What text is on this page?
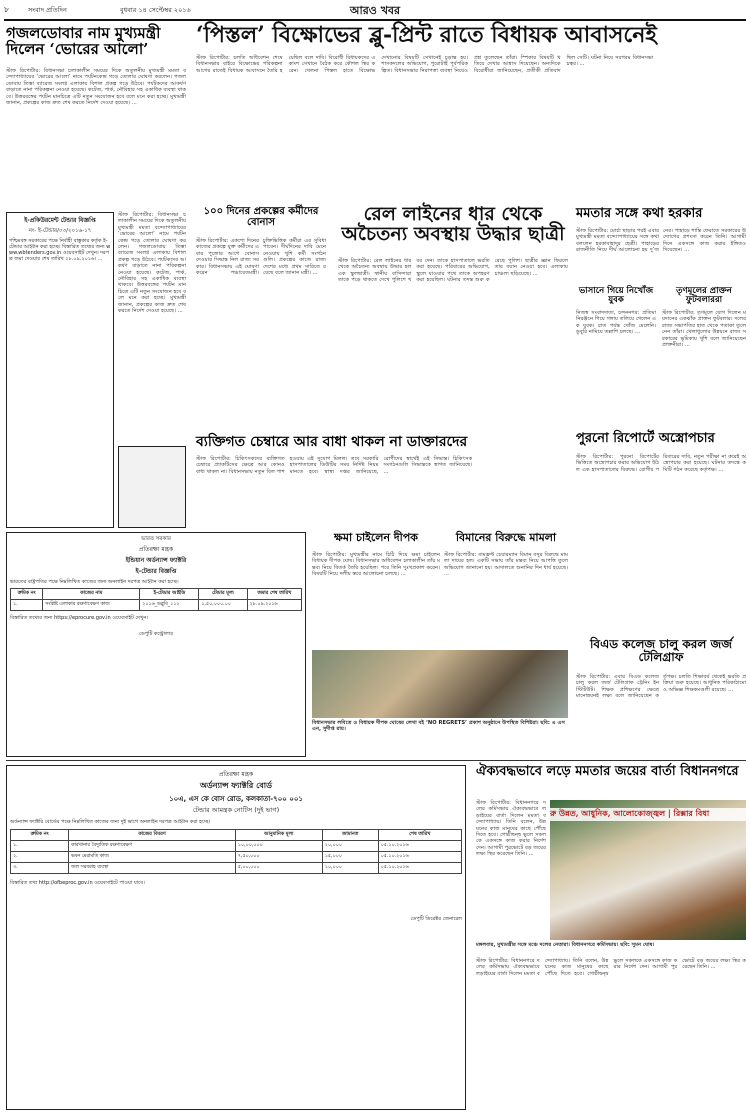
৮	সংবাদ প্রতিদিন	বুধবার ১৪ সেপ্টেম্বর ২০১৬	আরও খবর
গজলডোবার নাম মুখ্যমন্ত্রী দিলেন ‘ভোরের আলো’
স্টাফ রিপোর্টার: বিধানসভা চলাকালীন সময়ের দিকে অতুলনীয় মুখ্যমন্ত্রী মমতা বন্দ্যোপাধ্যায়ের ‘ভোরের আলো’ নামে পর্যটনকেন্দ্র গড়ে তোলার ঘোষণা করলেন। গজলডোবায় তিস্তা ব্যারেজ সংলগ্ন এলাকায় বিশাল প্রকল্প গড়ে উঠবে। পর্যটকদের আকর্ষণ বাড়াতে নানা পরিকল্পনা নেওয়া হয়েছে। কটেজ, পার্ক, নৌবিহার সহ একাধিক ব্যবস্থা থাকবে। উত্তরবঙ্গের পর্যটন মানচিত্রে এটি নতুন সংযোজন হবে বলে মনে করা হচ্ছে। মুখ্যমন্ত্রী জানান, প্রকল্পের কাজ দ্রুত শেষ করতে নির্দেশ দেওয়া হয়েছে। ...
ই-প্রকিউরমেন্ট টেন্ডার বিজ্ঞপ্তি
নং- ই-টেন্ডার/০৩/২০১৬-১৭
পশ্চিমবঙ্গ সরকারের পক্ষে নির্বাহী বাস্তুকার কর্তৃক ই-টেন্ডার আহ্বান করা হচ্ছে। বিস্তারিত তথ্যের জন্য www.wbtenders.gov.in ওয়েবসাইট দেখুন। দরপত্র জমা দেওয়ার শেষ তারিখ ২৮.০৯.২০১৬। ...
স্টাফ রিপোর্টার: বিধানসভা চলাকালীন সময়ের দিকে অতুলনীয় মুখ্যমন্ত্রী মমতা বন্দ্যোপাধ্যায়ের ‘ভোরের আলো’ নামে পর্যটনকেন্দ্র গড়ে তোলার ঘোষণা করলেন। গজলডোবায় তিস্তা ব্যারেজ সংলগ্ন এলাকায় বিশাল প্রকল্প গড়ে উঠবে। পর্যটকদের আকর্ষণ বাড়াতে নানা পরিকল্পনা নেওয়া হয়েছে। কটেজ, পার্ক, নৌবিহার সহ একাধিক ব্যবস্থা থাকবে। উত্তরবঙ্গের পর্যটন মানচিত্রে এটি নতুন সংযোজন হবে বলে মনে করা হচ্ছে। মুখ্যমন্ত্রী জানান, প্রকল্পের কাজ দ্রুত শেষ করতে নির্দেশ দেওয়া হয়েছে। ...
‘পিস্তল’ বিক্ষোভের ব্লু-প্রিন্ট রাতে বিধায়ক আবাসনেই
স্টাফ রিপোর্টার: চলতি অধিবেশন শেষে বিধানসভার বাইরে বিক্ষোভের পরিকল্পনা আগের রাতেই বিধায়ক আবাসনে তৈরি হয়েছিল বলে দাবি। বিরোধী বিধায়কদের একাংশ সেখানে বৈঠক করে কৌশল স্থির করেন। খেলনা পিস্তল হাতে বিক্ষোভ দেখানোর বিষয়টি সেখানেই চূড়ান্ত হয়। শাসকদলের অভিযোগ, পুরোটাই পূর্বপরিকল্পিত। বিধানসভার নিরাপত্তা ব্যবস্থা নিয়েও প্রশ্ন তুলেছেন তাঁরা। স্পিকার বিষয়টি খতিয়ে দেখার আশ্বাস দিয়েছেন। অন্যদিকে বিরোধীরা জানিয়েছেন, প্রতীকী প্রতিবাদ ছিল সেটি। ঘটনা নিয়ে সরগরম বিধানসভা চত্বর। ...
১০০ দিনের প্রকল্পের কর্মীদের বোনাস
স্টাফ রিপোর্টার: একশো দিনের কাজের প্রকল্পে যুক্ত কর্মীদের এবার পুজোর আগে বোনাস দেওয়ার সিদ্ধান্ত নিল রাজ্য সরকার। বিধানসভায় এই ঘোষণা করেন পঞ্চায়েতমন্ত্রী। চুক্তিভিত্তিক কর্মীরা এর সুবিধা পাবেন। দীর্ঘদিনের দাবি মেনে নেওয়ায় খুশি কর্মী সংগঠনগুলি। প্রকল্পের কাজে রাজ্য দেশের মধ্যে প্রথম সারিতে রয়েছে বলে জানান মন্ত্রী। ...
রেল লাইনের ধার থেকে অচৈতন্য অবস্থায় উদ্ধার ছাত্রী
স্টাফ রিপোর্টার: রেল লাইনের ধার থেকে অচৈতন্য অবস্থায় উদ্ধার হল এক স্কুলছাত্রী। স্থানীয় বাসিন্দারা তাকে পড়ে থাকতে দেখে পুলিশে খবর দেন। তাকে হাসপাতালে ভরতি করা হয়েছে। পরিবারের অভিযোগ, স্কুলে যাওয়ার পথে তাকে অপহরণ করা হয়েছিল। ঘটনার তদন্ত শুরু করেছে পুলিশ। ছাত্রীর জ্ঞান ফিরলে তার বয়ান নেওয়া হবে। এলাকায় চাঞ্চল্য ছড়িয়েছে। ...
মমতার সঙ্গে কথা হরকার
স্টাফ রিপোর্টার: মোর্চা ছাড়ার পরই এবার মুখ্যমন্ত্রী মমতা বন্দ্যোপাধ্যায়ের সঙ্গে কথা বললেন হরকাবাহাদুর ছেত্রী। পাহাড়ের রাজনীতি নিয়ে দীর্ঘ আলোচনা হয় দু’জনের। পাহাড়ে শান্তি ফেরাতে সরকারের উদ্যোগের প্রশংসা করেন তিনি। আগামী দিনে একসঙ্গে কাজ করার ইঙ্গিতও দিয়েছেন। ...
ভাসানে গিয়ে নিখোঁজ যুবক
নিজস্ব সংবাদদাতা, চন্দননগর: প্রতিমা নিরঞ্জনে গিয়ে গঙ্গায় তলিয়ে গেলেন এক যুবক। রাত পর্যন্ত খোঁজ মেলেনি। ডুবুরি নামিয়ে তল্লাশি চলছে। ...
তৃণমূলের প্রাক্তন ফুটবলাররা
স্টাফ রিপোর্টার: তৃণমূলে যোগ দিলেন ময়দানের একঝাঁক প্রাক্তন ফুটবলার। দলের রাজ্য সভাপতির হাত থেকে পতাকা তুলে নেন তাঁরা। খেলাধুলোর উন্নয়নে রাজ্য সরকারের ভূমিকায় খুশি বলে জানিয়েছেন প্রাক্তনীরা। ...
ব্যক্তিগত চেম্বারে আর বাধা থাকল না ডাক্তারদের
স্টাফ রিপোর্টার: চিকিৎসকদের ব্যক্তিগত চেম্বারে প্র্যাকটিসের ক্ষেত্রে আর কোনও বাধা থাকল না। বিধানসভায় নতুন বিল পাশ হওয়ায় এই সুযোগ মিলল। তবে সরকারি হাসপাতালের ডিউটির সময় নির্দিষ্ট নিয়ম মানতে হবে। স্বাস্থ্য দপ্তর জানিয়েছে, রোগীদের স্বার্থেই এই সিদ্ধান্ত। চিকিৎসক সংগঠনগুলি সিদ্ধান্তকে স্বাগত জানিয়েছে। ...
পুরনো রিপোর্টে অস্ত্রোপচার
স্টাফ রিপোর্টার: পুরনো রিপোর্টের ভিত্তিতে অস্ত্রোপচার করার অভিযোগ উঠল এক হাসপাতালের বিরুদ্ধে। রোগীর পরিবারের দাবি, নতুন পরীক্ষা না করেই অস্ত্রোপচার করা হয়েছে। ঘটনার তদন্তে কমিটি গঠন করেছে কর্তৃপক্ষ। ...
ভারত সরকার
প্রতিরক্ষা মন্ত্রক
ইন্ডিয়ান অর্ডন্যান্স ফ্যাক্টরি
ই-টেন্ডার বিজ্ঞপ্তি
ভারতের রাষ্ট্রপতির পক্ষে নিম্নলিখিত কাজের জন্য অনলাইন দরপত্র আহ্বান করা হচ্ছে।
ক্রমিক নং	কাজের নাম	ই-টেন্ডার আইডি	টেন্ডার মূল্য	জমার শেষ তারিখ
১.	সংশ্লিষ্ট এলাকার রক্ষণাবেক্ষণ কাজ	২০১৬_ডব্লুবি_১১২	১,৫০,০০০.০০	২৮.০৯.২০১৬
বিস্তারিত তথ্যের জন্য https://eprocure.gov.in ওয়েবসাইট দেখুন।
ডেপুটি কন্ট্রোলার
ক্ষমা চাইলেন দীপক
স্টাফ রিপোর্টার: মুখ্যমন্ত্রীর নামে চিঠি দিয়ে ক্ষমা চাইলেন বিধায়ক দীপক ঘোষ। বিধানসভার অধিবেশন চলাকালীন তাঁর মন্তব্য নিয়ে বিতর্ক তৈরি হয়েছিল। পরে তিনি দুঃখপ্রকাশ করেন। বিষয়টি নিয়ে দলীয় স্তরে আলোচনা চলছে। ...
বিমানের বিরুদ্ধে মামলা
স্টাফ রিপোর্টার: বামফ্রন্ট চেয়ারম্যান বিমান বসুর বিরুদ্ধে মামলা দায়ের হল। একটি সভায় তাঁর মন্তব্য নিয়ে আপত্তি তুলে অভিযোগ জানানো হয়। আদালতে শুনানির দিন ধার্য হয়েছে। ...
বিধানসভার লবিতে ও বিধায়ক দীপক ঘোষের লেখা বই ‘NO REGRETS’ প্রকাশ অনুষ্ঠানে উপস্থিত বিশিষ্টরা। ছবি: এ এস এন, সুদীপ্ত রায়।
বিএড কলেজ চালু করল জর্জ টেলিগ্রাফ
স্টাফ রিপোর্টার: এবার বিএড কলেজ চালু করল জর্জ টেলিগ্রাফ ট্রেনিং ইনস্টিটিউট। শিক্ষক প্রশিক্ষণের ক্ষেত্রে মানোন্নয়নই লক্ষ্য বলে জানিয়েছেন কর্তৃপক্ষ। চলতি শিক্ষাবর্ষ থেকেই ভরতি প্রক্রিয়া শুরু হয়েছে। আধুনিক পরিকাঠামো ও অভিজ্ঞ শিক্ষকমণ্ডলী রয়েছে। ...
প্রতিরক্ষা মন্ত্রক
অর্ডন্যান্স ফ্যাক্টরি বোর্ড
১০এ, এস কে বোস রোড, কলকাতা-৭০০ ০০১
টেন্ডার আমন্ত্রক নোটিস (দুই ভাগ)
অর্ডন্যান্স ফ্যাক্টরি বোর্ডের পক্ষে নিম্নলিখিত কাজের জন্য দুই ভাগে অনলাইন দরপত্র আহ্বান করা হচ্ছে।
ক্রমিক নং	কাজের বিবরণ	আনুমানিক মূল্য	জামানত	শেষ তারিখ
১.	কারখানার বৈদ্যুতিক রক্ষণাবেক্ষণ	১০,০০,০০০	২০,০০০	০৫.১০.২০১৬
২.	ভবন মেরামতি কাজ	৭,৫০,০০০	১৫,০০০	০৫.১০.২০১৬
৩.	জল সরবরাহ ব্যবস্থা	৫,০০,০০০	১০,০০০	০৫.১০.২০১৬
বিস্তারিত তথ্য http://ofbeproc.gov.in ওয়েবসাইটে পাওয়া যাবে।
ডেপুটি ডিরেক্টর জেনারেল
ঐক্যবদ্ধভাবে লড়ে মমতার জয়ের বার্তা বিধাননগরে
স্টাফ রিপোর্টার: বিধাননগরে দলের কর্মিসভায় ঐক্যবদ্ধভাবে লড়াইয়ের বার্তা দিলেন মমতা বন্দ্যোপাধ্যায়। তিনি বলেন, উন্নয়নের কাজ মানুষের কাছে পৌঁছে দিতে হবে। গোষ্ঠীদ্বন্দ্ব ভুলে সকলকে একসঙ্গে কাজ করার নির্দেশ দেন। আগামী পুরভোটে বড় জয়ের লক্ষ্য স্থির করেছেন তিনি। ...
রু উন্নত, আধুনিক, আলোকোজ্জ্বল | রিক্সার বিধা
মঙ্গলবার, মুখ্যমন্ত্রীর সঙ্গে মঞ্চে দলের নেতারা। বিধাননগরে কর্মিসভায়। ছবি: সুমন ঘোষ।
স্টাফ রিপোর্টার: বিধাননগরে দলের কর্মিসভায় ঐক্যবদ্ধভাবে লড়াইয়ের বার্তা দিলেন মমতা বন্দ্যোপাধ্যায়। তিনি বলেন, উন্নয়নের কাজ মানুষের কাছে পৌঁছে দিতে হবে। গোষ্ঠীদ্বন্দ্ব ভুলে সকলকে একসঙ্গে কাজ করার নির্দেশ দেন। আগামী পুরভোটে বড় জয়ের লক্ষ্য স্থির করেছেন তিনি। ...
